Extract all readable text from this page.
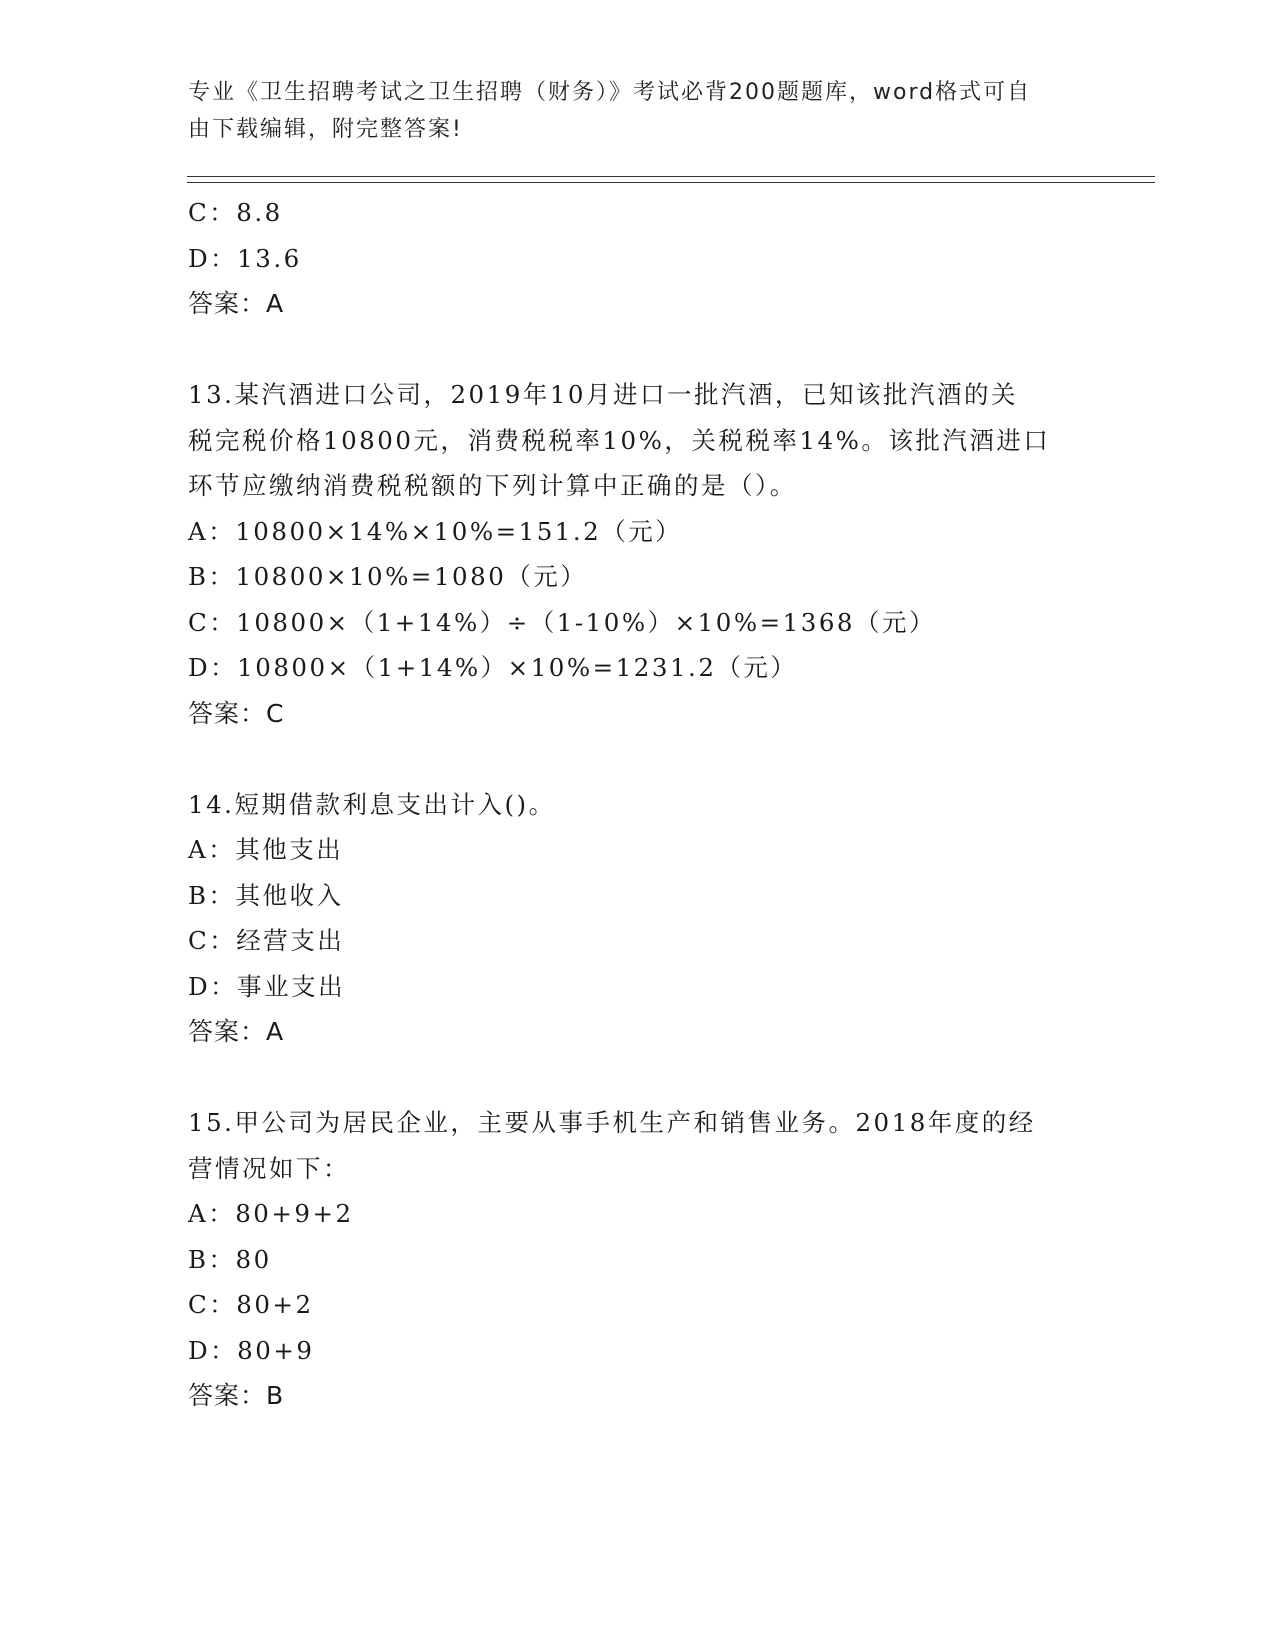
专业《卫生招聘考试之卫生招聘（财务）》考试必背200题题库，word格式可自
由下载编辑，附完整答案!
C：8.8
D：13.6
答案：A
13.某汽酒进口公司，2019年10月进口一批汽酒，已知该批汽酒的关
税完税价格10800元，消费税税率10%，关税税率14%。该批汽酒进口
环节应缴纳消费税税额的下列计算中正确的是（）。
A：10800×14%×10%=151.2（元）
B：10800×10%=1080（元）
C：10800×（1+14%）÷（1-10%）×10%=1368（元）
D：10800×（1+14%）×10%=1231.2（元）
答案：C
14.短期借款利息支出计入()。
A：其他支出
B：其他收入
C：经营支出
D：事业支出
答案：A
15.甲公司为居民企业，主要从事手机生产和销售业务。2018年度的经
营情况如下：
A：80+9+2
B：80
C：80+2
D：80+9
答案：B
